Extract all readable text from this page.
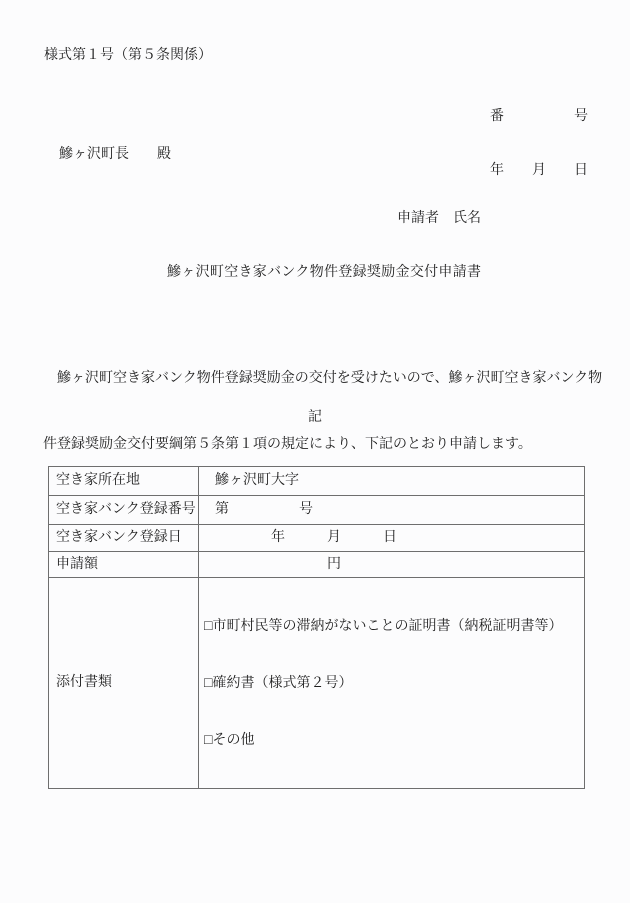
様式第１号（第５条関係）

番　　　　　号

年　　月　　日

鰺ヶ沢町長　　殿
申請者　氏名
鰺ヶ沢町空き家バンク物件登録奨励金交付申請書

　鰺ヶ沢町空き家バンク物件登録奨励金の交付を受けたいので、鰺ヶ沢町空き家バンク物

件登録奨励金交付要綱第５条第１項の規定により、下記のとおり申請します。

記
空き家所在地	鰺ヶ沢町大字
空き家バンク登録番号	第　　　　　号
空き家バンク登録日	　　　　年　　　月　　　日
申請額	　　　　　　　　円
添付書類	□市町村民等の滞納がないことの証明書（納税証明書等）

□確約書（様式第２号）

□その他
